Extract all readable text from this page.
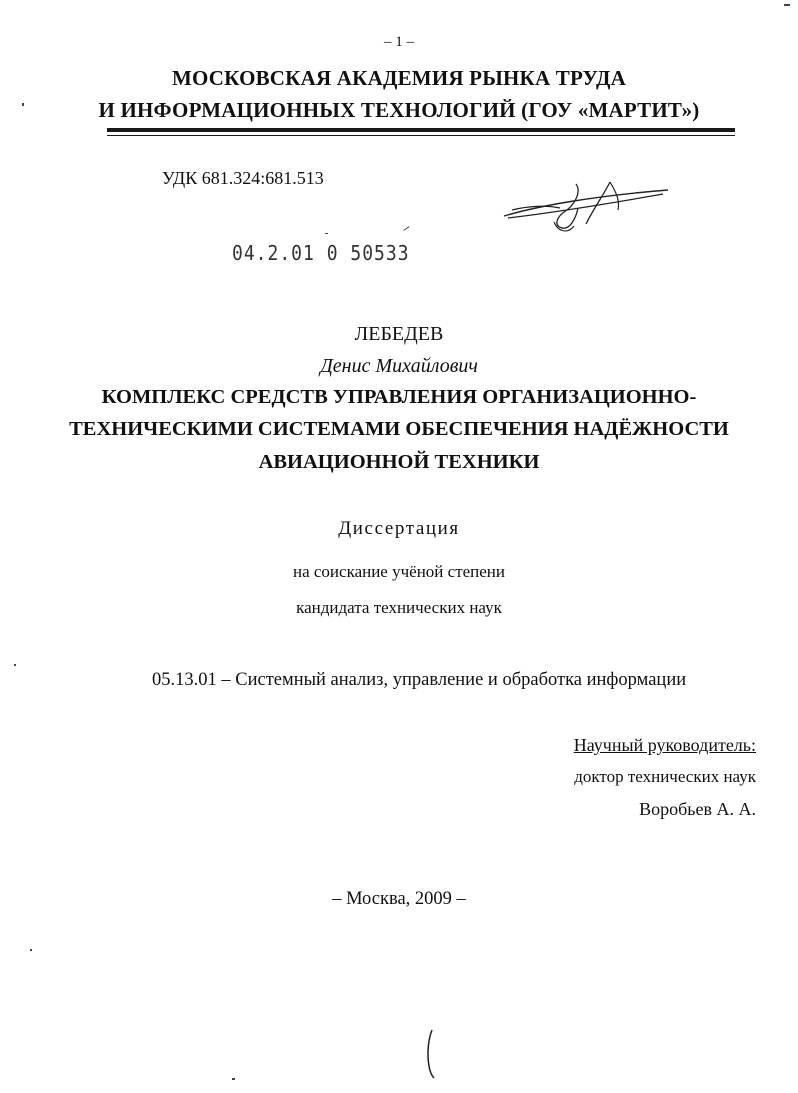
– 1 –
МОСКОВСКАЯ АКАДЕМИЯ РЫНКА ТРУДА
И ИНФОРМАЦИОННЫХ ТЕХНОЛОГИЙ (ГОУ «МАРТИТ»)
УДК 681.324:681.513
04.2.01 0 50533
ЛЕБЕДЕВ
Денис Михайлович
КОМПЛЕКС СРЕДСТВ УПРАВЛЕНИЯ ОРГАНИЗАЦИОННО-
ТЕХНИЧЕСКИМИ СИСТЕМАМИ ОБЕСПЕЧЕНИЯ НАДЁЖНОСТИ
АВИАЦИОННОЙ ТЕХНИКИ
Диссертация
на соискание учёной степени
кандидата технических наук
05.13.01 – Системный анализ, управление и обработка информации
Научный руководитель:
доктор технических наук
Воробьев А. А.
– Москва, 2009 –
